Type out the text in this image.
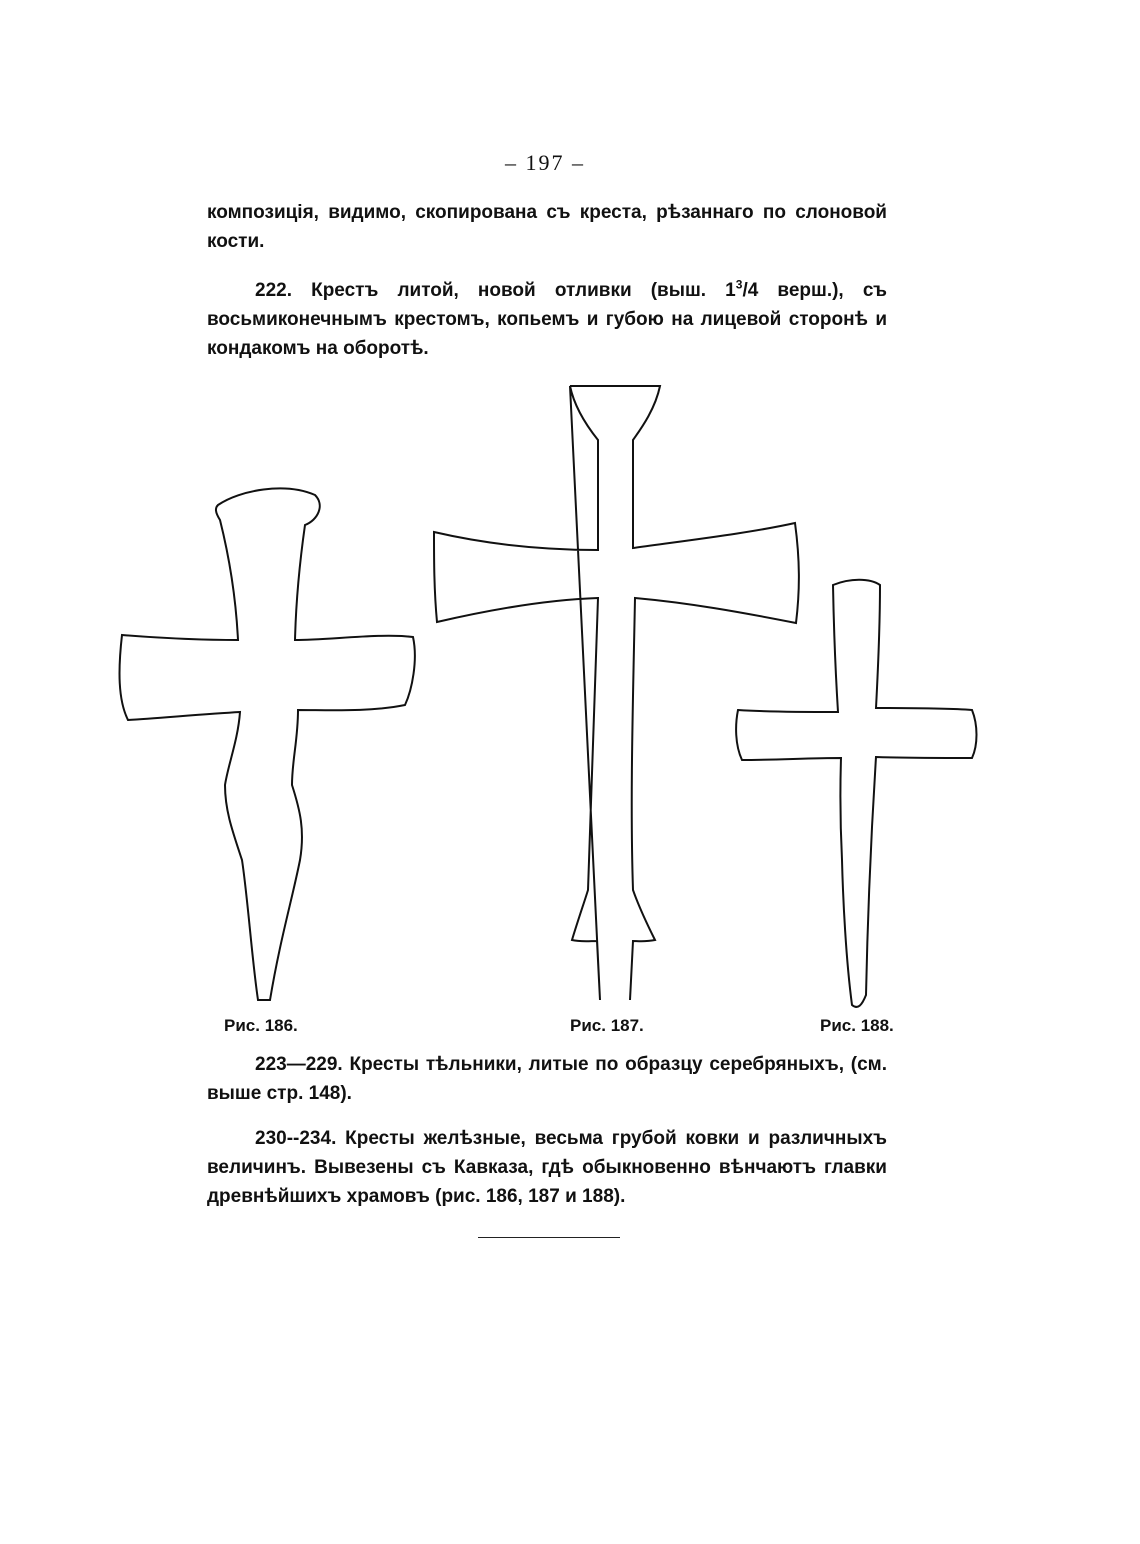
– 197 –

композиція, видимо, скопирована съ креста, рѣзаннаго по слоновой кости.

222. Крестъ литой, новой отливки (выш. $1^3/4$ верш.), съ восьмиконечнымъ крестомъ, копьемъ и губою на лицевой сторонѣ и кондакомъ на оборотѣ.

Рис. 186.	Рис. 187.	Рис. 188.

223—229. Кресты тѣльники, литые по образцу серебряныхъ, (см. выше стр. 148).

230--234. Кресты желѣзные, весьма грубой ковки и различныхъ величинъ. Вывезены съ Кавказа, гдѣ обыкновенно вѣнчаютъ главки древнѣйшихъ храмовъ (рис. 186, 187 и 188).
